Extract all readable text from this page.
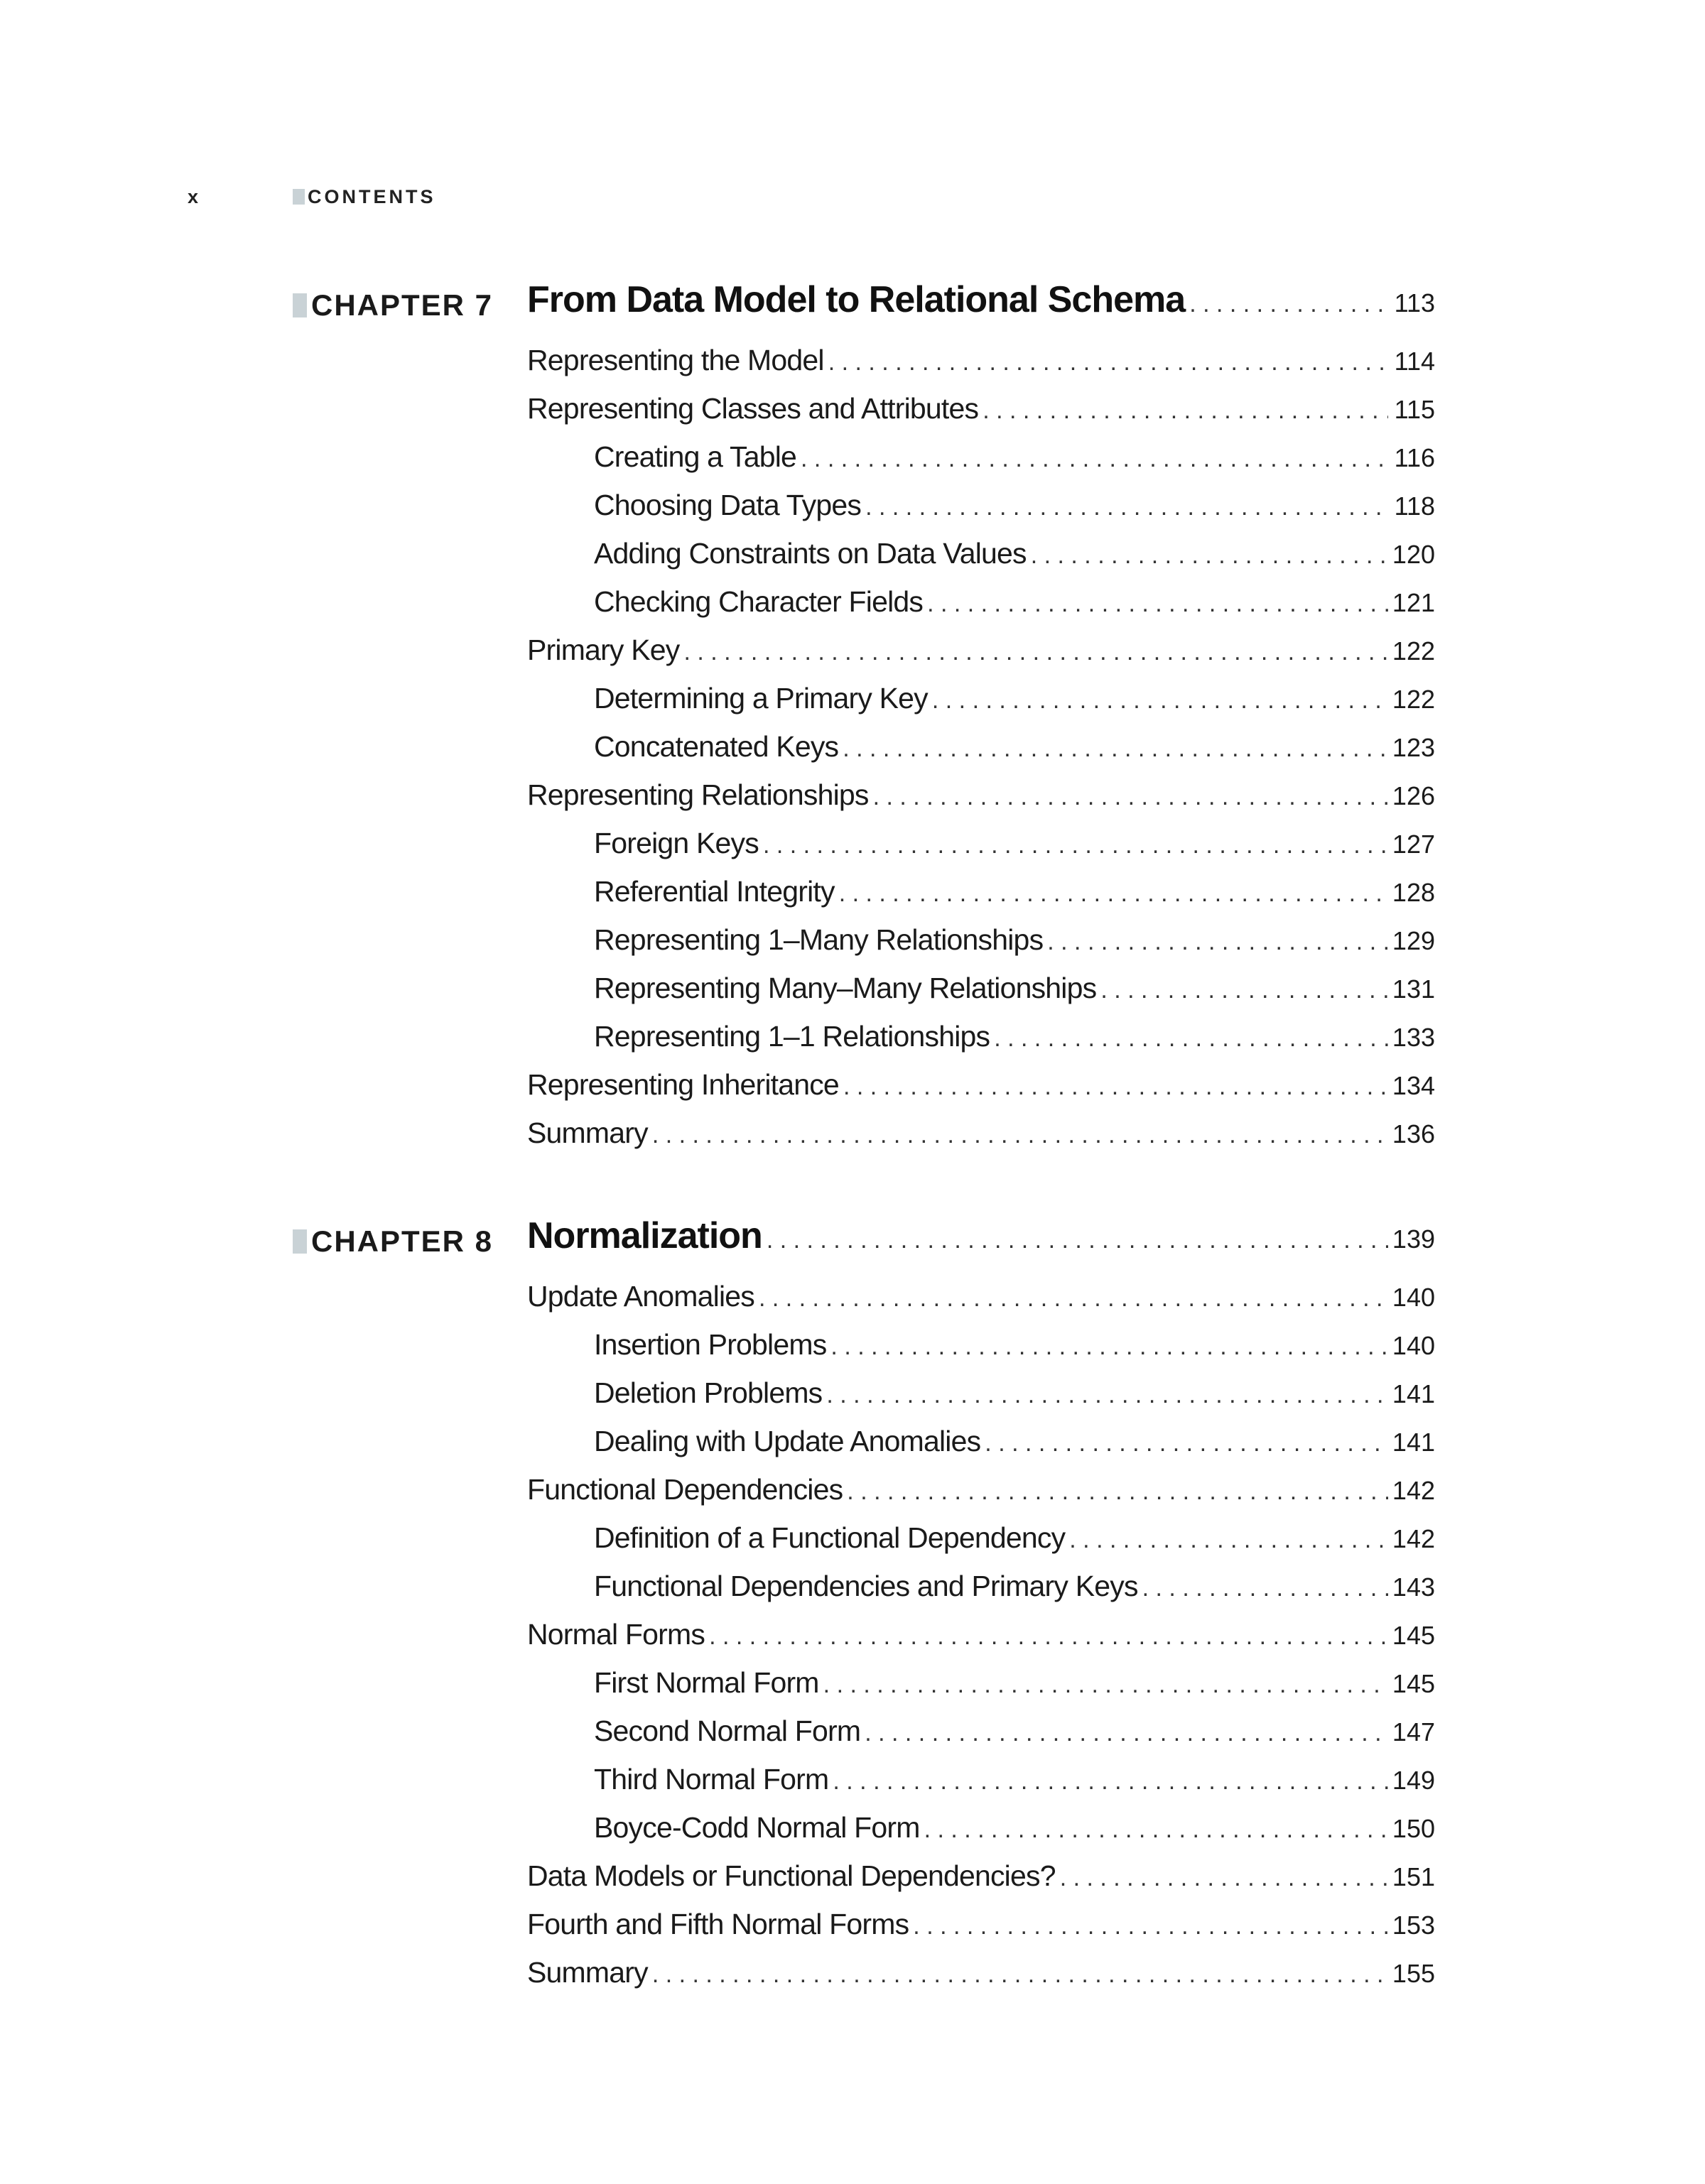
x	CONTENTS
CHAPTER 7 From Data Model to Relational Schema . . .	113
Representing the Model . . .	114
Representing Classes and Attributes . . .	115
Creating a Table . . .	116
Choosing Data Types . . .	118
Adding Constraints on Data Values . . .	120
Checking Character Fields . . .	121
Primary Key . . .	122
Determining a Primary Key . . .	122
Concatenated Keys . . .	123
Representing Relationships . . .	126
Foreign Keys . . .	127
Referential Integrity . . .	128
Representing 1–Many Relationships . . .	129
Representing Many–Many Relationships . . .	131
Representing 1–1 Relationships . . .	133
Representing Inheritance . . .	134
Summary . . .	136
CHAPTER 8 Normalization . . .	139
Update Anomalies . . .	140
Insertion Problems . . .	140
Deletion Problems . . .	141
Dealing with Update Anomalies . . .	141
Functional Dependencies . . .	142
Definition of a Functional Dependency . . .	142
Functional Dependencies and Primary Keys . . .	143
Normal Forms . . .	145
First Normal Form . . .	145
Second Normal Form . . .	147
Third Normal Form . . .	149
Boyce-Codd Normal Form . . .	150
Data Models or Functional Dependencies? . . .	151
Fourth and Fifth Normal Forms . . .	153
Summary . . .	155
